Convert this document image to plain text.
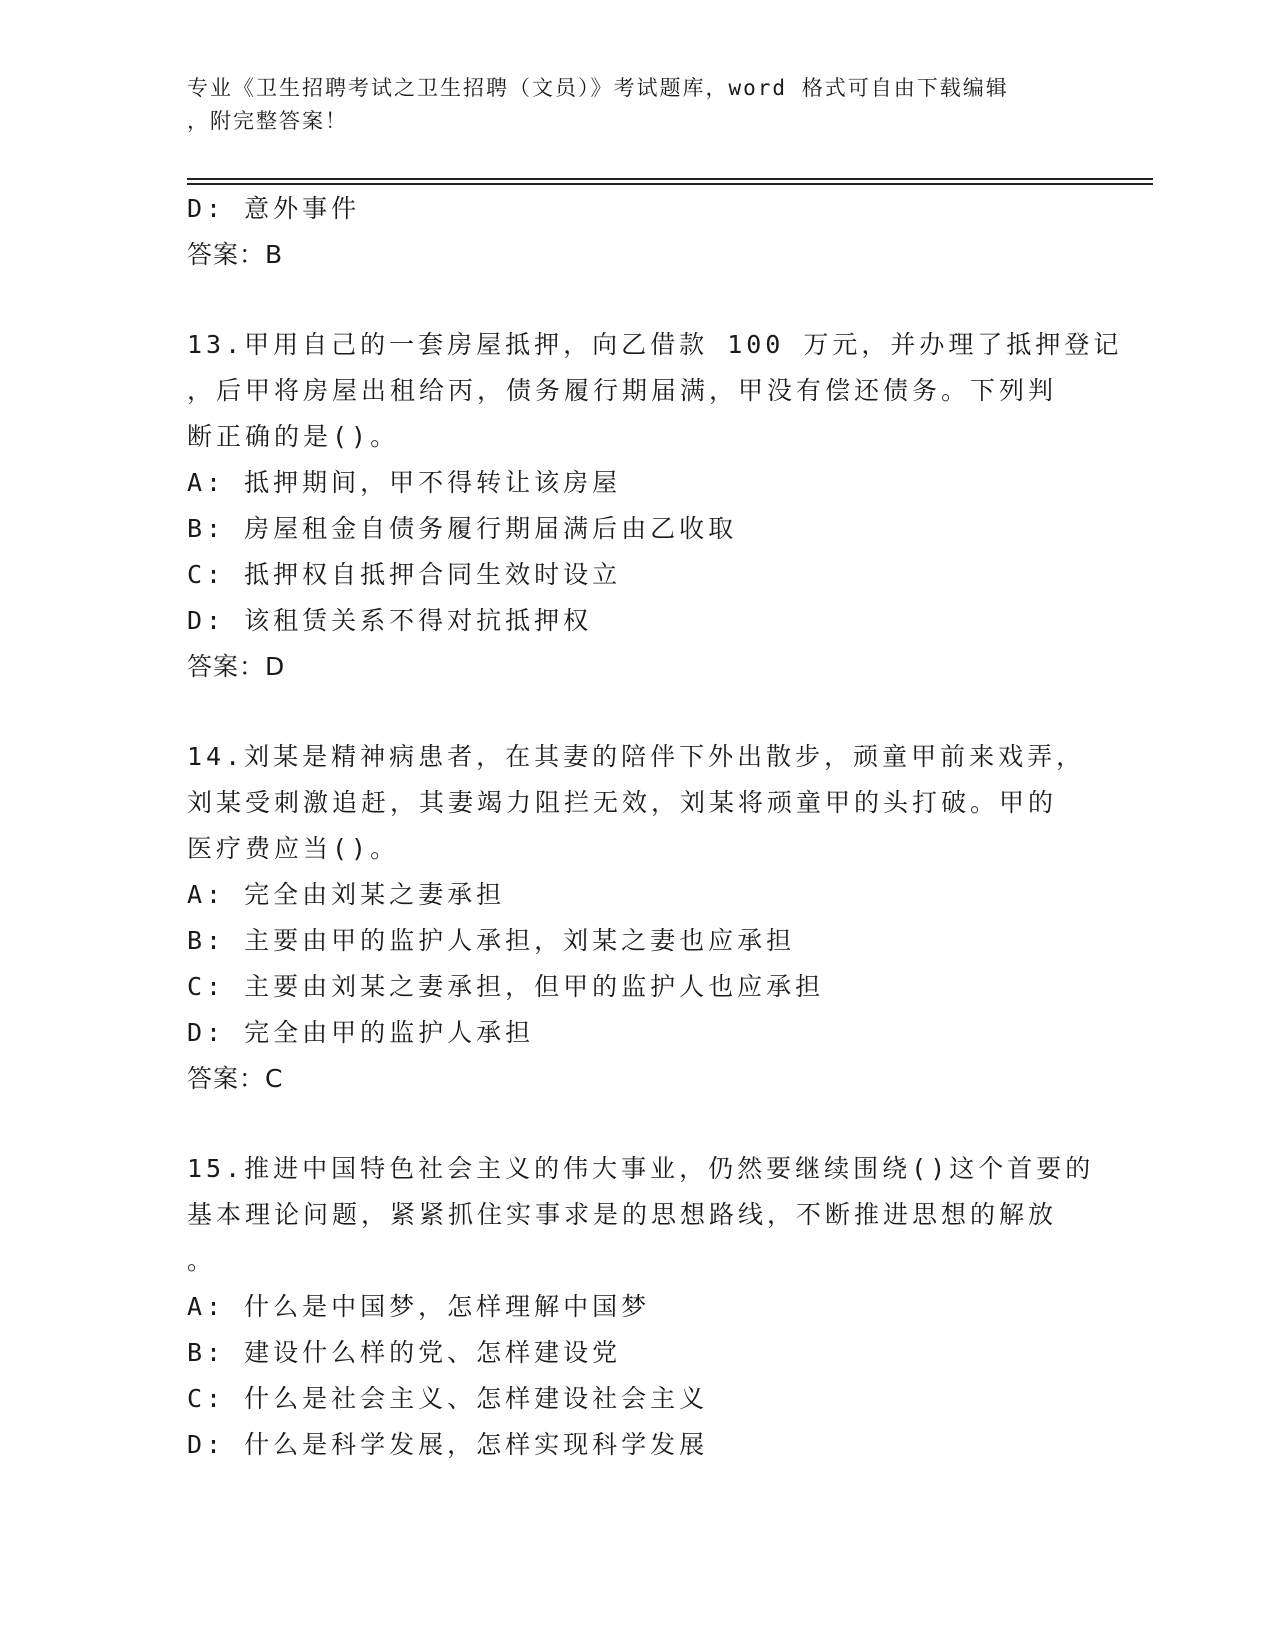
专业《卫生招聘考试之卫生招聘（文员）》考试题库，word 格式可自由下载编辑
，附完整答案！
D: 意外事件
答案：B
13.甲用自己的一套房屋抵押，向乙借款 100 万元，并办理了抵押登记
，后甲将房屋出租给丙，债务履行期届满，甲没有偿还债务。下列判
断正确的是()。
A: 抵押期间，甲不得转让该房屋
B: 房屋租金自债务履行期届满后由乙收取
C: 抵押权自抵押合同生效时设立
D: 该租赁关系不得对抗抵押权
答案：D
14.刘某是精神病患者，在其妻的陪伴下外出散步，顽童甲前来戏弄，
刘某受刺激追赶，其妻竭力阻拦无效，刘某将顽童甲的头打破。甲的
医疗费应当()。
A: 完全由刘某之妻承担
B: 主要由甲的监护人承担，刘某之妻也应承担
C: 主要由刘某之妻承担，但甲的监护人也应承担
D: 完全由甲的监护人承担
答案：C
15.推进中国特色社会主义的伟大事业，仍然要继续围绕()这个首要的
基本理论问题，紧紧抓住实事求是的思想路线，不断推进思想的解放
。
A: 什么是中国梦，怎样理解中国梦
B: 建设什么样的党、怎样建设党
C: 什么是社会主义、怎样建设社会主义
D: 什么是科学发展，怎样实现科学发展
